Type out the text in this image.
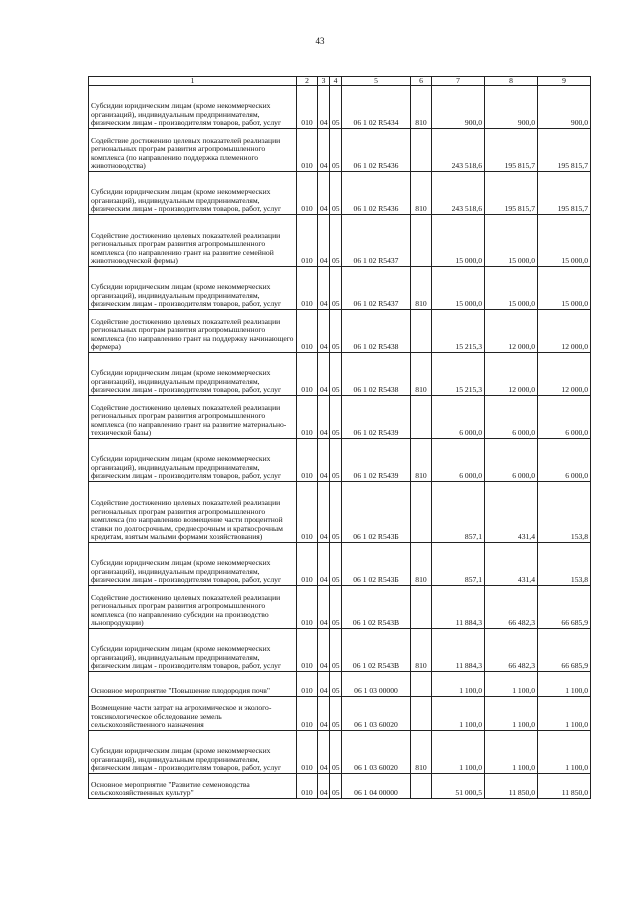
43
1	2	3	4	5	6	7	8	9
Субсидии юридическим лицам (кроме некоммерческих организаций), индивидуальным предпринимателям, физическим лицам - производителям товаров, работ, услуг	010	04	05	06 1 02 R5434	810	900,0	900,0	900,0
Содействие достижению целевых показателей реализации региональных програм развития агропромышленного комплекса (по направлению поддержка племенного животноводства)	010	04	05	06 1 02 R5436		243 518,6	195 815,7	195 815,7
Субсидии юридическим лицам (кроме некоммерческих организаций), индивидуальным предпринимателям, физическим лицам - производителям товаров, работ, услуг	010	04	05	06 1 02 R5436	810	243 518,6	195 815,7	195 815,7
Содействие достижению целевых показателей реализации региональных програм развития агропромышленного комплекса (по направлению грант на развитие семейной животноводческой фермы)	010	04	05	06 1 02 R5437		15 000,0	15 000,0	15 000,0
Субсидии юридическим лицам (кроме некоммерческих организаций), индивидуальным предпринимателям, физическим лицам - производителям товаров, работ, услуг	010	04	05	06 1 02 R5437	810	15 000,0	15 000,0	15 000,0
Содействие достижению целевых показателей реализации региональных програм развития агропромышленного комплекса (по направлению грант на поддержку начинающего фермера)	010	04	05	06 1 02 R5438		15 215,3	12 000,0	12 000,0
Субсидии юридическим лицам (кроме некоммерческих организаций), индивидуальным предпринимателям, физическим лицам - производителям товаров, работ, услуг	010	04	05	06 1 02 R5438	810	15 215,3	12 000,0	12 000,0
Содействие достижению целевых показателей реализации региональных програм развития агропромышленного комплекса (по направлению грант на развитие материально-технической базы)	010	04	05	06 1 02 R5439		6 000,0	6 000,0	6 000,0
Субсидии юридическим лицам (кроме некоммерческих организаций), индивидуальным предпринимателям, физическим лицам - производителям товаров, работ, услуг	010	04	05	06 1 02 R5439	810	6 000,0	6 000,0	6 000,0
Содействие достижению целевых показателей реализации региональных програм развития агропромышленного комплекса (по направлению возмещение части процентной ставки по долгосрочным, среднесрочным и краткосрочным кредитам, взятым малыми формами хозяйствования)	010	04	05	06 1 02 R543Б		857,1	431,4	153,8
Субсидии юридическим лицам (кроме некоммерческих организаций), индивидуальным предпринимателям, физическим лицам - производителям товаров, работ, услуг	010	04	05	06 1 02 R543Б	810	857,1	431,4	153,8
Содействие достижению целевых показателей реализации региональных програм развития агропромышленного комплекса (по направлению субсидии на производство льнопродукции)	010	04	05	06 1 02 R543В		11 884,3	66 482,3	66 685,9
Субсидии юридическим лицам (кроме некоммерческих организаций), индивидуальным предпринимателям, физическим лицам - производителям товаров, работ, услуг	010	04	05	06 1 02 R543В	810	11 884,3	66 482,3	66 685,9
Основное мероприятие "Повышение плодородия почв"	010	04	05	06 1 03 00000		1 100,0	1 100,0	1 100,0
Возмещение части затрат на агрохимическое и эколого-токсикологическое обследование земель сельскохозяйственного назначения	010	04	05	06 1 03 60020		1 100,0	1 100,0	1 100,0
Субсидии юридическим лицам (кроме некоммерческих организаций), индивидуальным предпринимателям, физическим лицам - производителям товаров, работ, услуг	010	04	05	06 1 03 60020	810	1 100,0	1 100,0	1 100,0
Основное мероприятие "Развитие семеноводства сельскохозяйственных культур"	010	04	05	06 1 04 00000		51 000,5	11 850,0	11 850,0
